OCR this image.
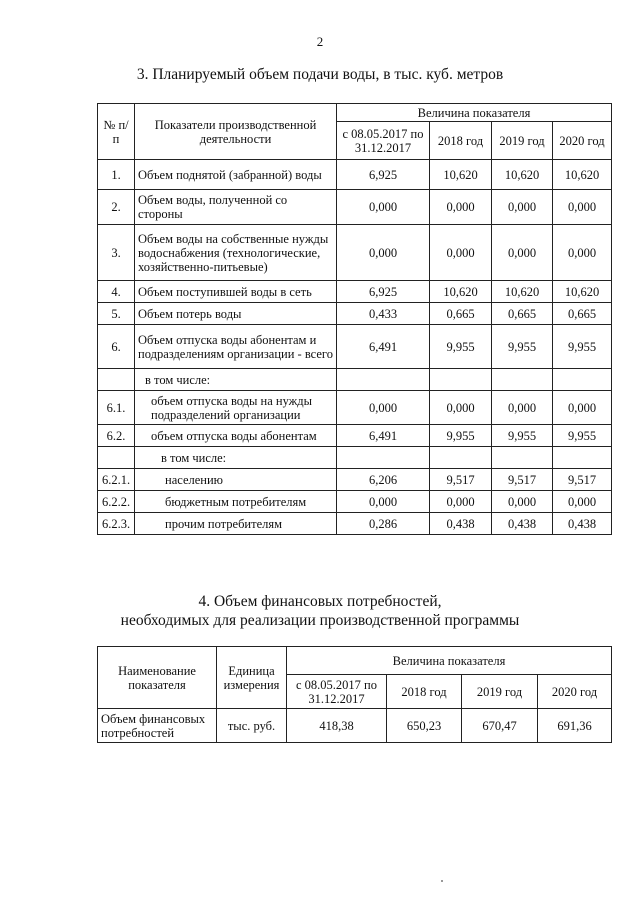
2
3. Планируемый объем подачи воды, в тыс. куб. метров
№ п/п	Показатели производственной деятельности	Величина показателя			
		с 08.05.2017 по 31.12.2017	2018 год	2019 год	2020 год
1.	Объем поднятой (забранной) воды	6,925	10,620	10,620	10,620
2.	Объем воды, полученной со стороны	0,000	0,000	0,000	0,000
3.	Объем воды на собственные нужды водоснабжения (технологические, хозяйственно-питьевые)	0,000	0,000	0,000	0,000
4.	Объем поступившей воды в сеть	6,925	10,620	10,620	10,620
5.	Объем потерь воды	0,433	0,665	0,665	0,665
6.	Объем отпуска воды абонентам и подразделениям организации - всего	6,491	9,955	9,955	9,955
	в том числе:				
6.1.	объем отпуска воды на нужды подразделений организации	0,000	0,000	0,000	0,000
6.2.	объем отпуска воды абонентам	6,491	9,955	9,955	9,955
	в том числе:				
6.2.1.	населению	6,206	9,517	9,517	9,517
6.2.2.	бюджетным потребителям	0,000	0,000	0,000	0,000
6.2.3.	прочим потребителям	0,286	0,438	0,438	0,438
4. Объем финансовых потребностей,
необходимых для реализации производственной программы
Наименование показателя	Единица измерения	Величина показателя			
		с 08.05.2017 по 31.12.2017	2018 год	2019 год	2020 год
Объем финансовых потребностей	тыс. руб.	418,38	650,23	670,47	691,36
